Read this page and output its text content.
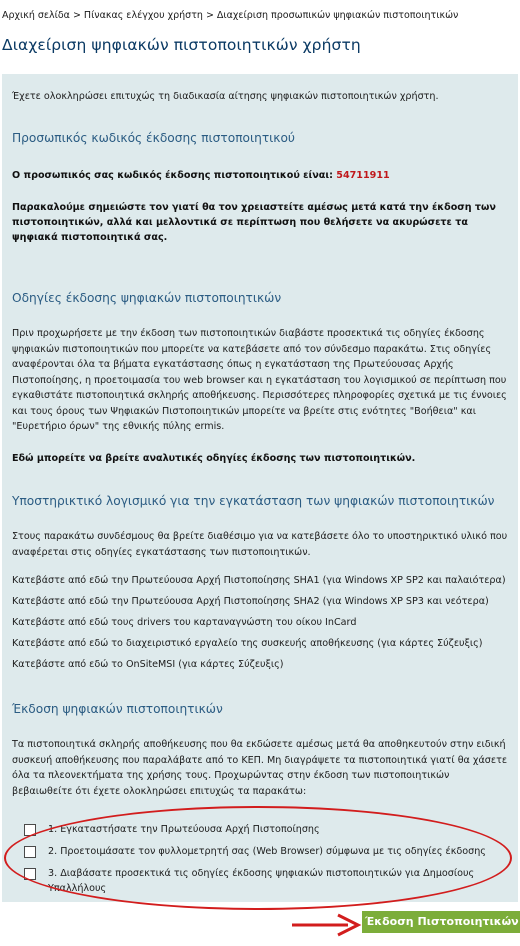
Αρχική σελίδα > Πίνακας ελέγχου χρήστη > Διαχείριση προσωπικών ψηφιακών πιστοποιητικών
Διαχείριση ψηφιακών πιστοποιητικών χρήστη
Έχετε ολοκληρώσει επιτυχώς τη διαδικασία αίτησης ψηφιακών πιστοποιητικών χρήστη.
Προσωπικός κωδικός έκδοσης πιστοποιητικού
Ο προσωπικός σας κωδικός έκδοσης πιστοποιητικού είναι: 54711911
Παρακαλούμε σημειώστε τον γιατί θα τον χρειαστείτε αμέσως μετά κατά την έκδοση των πιστοποιητικών, αλλά και μελλοντικά σε περίπτωση που θελήσετε να ακυρώσετε τα ψηφιακά πιστοποιητικά σας.
Οδηγίες έκδοσης ψηφιακών πιστοποιητικών
Πριν προχωρήσετε με την έκδοση των πιστοποιητικών διαβάστε προσεκτικά τις οδηγίες έκδοσης ψηφιακών πιστοποιητικών που μπορείτε να κατεβάσετε από τον σύνδεσμο παρακάτω. Στις οδηγίες αναφέρονται όλα τα βήματα εγκατάστασης όπως η εγκατάσταση της Πρωτεύουσας Αρχής Πιστοποίησης, η προετοιμασία του web browser και η εγκατάσταση του λογισμικού σε περίπτωση που εγκαθιστάτε πιστοποιητικά σκληρής αποθήκευσης. Περισσότερες πληροφορίες σχετικά με τις έννοιες και τους όρους των Ψηφιακών Πιστοποιητικών μπορείτε να βρείτε στις ενότητες "Βοήθεια" και "Ευρετήριο όρων" της εθνικής πύλης ermis.
Εδώ μπορείτε να βρείτε αναλυτικές οδηγίες έκδοσης των πιστοποιητικών.
Υποστηρικτικό λογισμικό για την εγκατάσταση των ψηφιακών πιστοποιητικών
Στους παρακάτω συνδέσμους θα βρείτε διαθέσιμο για να κατεβάσετε όλο το υποστηρικτικό υλικό που αναφέρεται στις οδηγίες εγκατάστασης των πιστοποιητικών.
Κατεβάστε από εδώ την Πρωτεύουσα Αρχή Πιστοποίησης SHA1 (για Windows XP SP2 και παλαιότερα)
Κατεβάστε από εδώ την Πρωτεύουσα Αρχή Πιστοποίησης SHA2 (για Windows XP SP3 και νεότερα)
Κατεβάστε από εδώ τους drivers του καρταναγνώστη του οίκου InCard
Κατεβάστε από εδώ το διαχειριστικό εργαλείο της συσκευής αποθήκευσης (για κάρτες Σύζευξις)
Κατεβάστε από εδώ το OnSiteMSI (για κάρτες Σύζευξις)
Έκδοση ψηφιακών πιστοποιητικών
Τα πιστοποιητικά σκληρής αποθήκευσης που θα εκδώσετε αμέσως μετά θα αποθηκευτούν στην ειδική συσκευή αποθήκευσης που παραλάβατε από το ΚΕΠ. Μη διαγράψετε τα πιστοποιητικά γιατί θα χάσετε όλα τα πλεονεκτήματα της χρήσης τους. Προχωρώντας στην έκδοση των πιστοποιητικών βεβαιωθείτε ότι έχετε ολοκληρώσει επιτυχώς τα παρακάτω:
1. Εγκαταστήσατε την Πρωτεύουσα Αρχή Πιστοποίησης
2. Προετοιμάσατε τον φυλλομετρητή σας (Web Browser) σύμφωνα με τις οδηγίες έκδοσης
3. Διαβάσατε προσεκτικά τις οδηγίες έκδοσης ψηφιακών πιστοποιητικών για Δημοσίους Υπαλλήλους
Έκδοση Πιστοποιητικών
